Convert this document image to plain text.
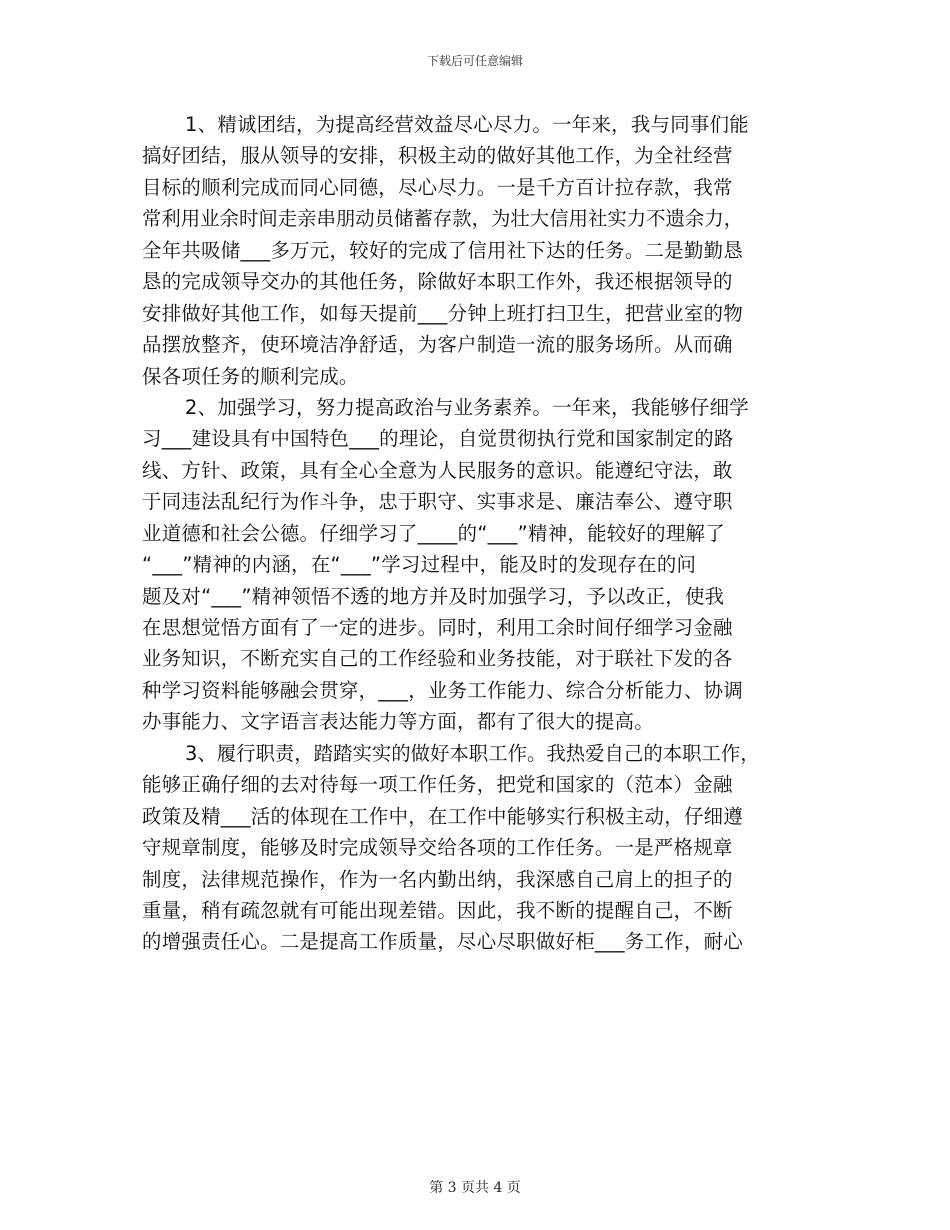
下载后可任意编辑
1、精诚团结，为提高经营效益尽心尽力。一年来，我与同事们能
搞好团结，服从领导的安排，积极主动的做好其他工作，为全社经营
目标的顺利完成而同心同德，尽心尽力。一是千方百计拉存款，我常
常利用业余时间走亲串朋动员储蓄存款，为壮大信用社实力不遗余力，
全年共吸储___多万元，较好的完成了信用社下达的任务。二是勤勤恳
恳的完成领导交办的其他任务，除做好本职工作外，我还根据领导的
安排做好其他工作，如每天提前___分钟上班打扫卫生，把营业室的物
品摆放整齐，使环境洁净舒适，为客户制造一流的服务场所。从而确
保各项任务的顺利完成。
2、加强学习，努力提高政治与业务素养。一年来，我能够仔细学
习___建设具有中国特色___的理论，自觉贯彻执行党和国家制定的路
线、方针、政策，具有全心全意为人民服务的意识。能遵纪守法，敢
于同违法乱纪行为作斗争，忠于职守、实事求是、廉洁奉公、遵守职
业道德和社会公德。仔细学习了____的“___”精神，能较好的理解了
“___”精神的内涵，在“___”学习过程中，能及时的发现存在的问
题及对“___”精神领悟不透的地方并及时加强学习，予以改正，使我
在思想觉悟方面有了一定的进步。同时，利用工余时间仔细学习金融
业务知识，不断充实自己的工作经验和业务技能，对于联社下发的各
种学习资料能够融会贯穿，___，业务工作能力、综合分析能力、协调
办事能力、文字语言表达能力等方面，都有了很大的提高。
3、履行职责，踏踏实实的做好本职工作。我热爱自己的本职工作，
能够正确仔细的去对待每一项工作任务，把党和国家的（范本）金融
政策及精___活的体现在工作中，在工作中能够实行积极主动，仔细遵
守规章制度，能够及时完成领导交给各项的工作任务。一是严格规章
制度，法律规范操作，作为一名内勤出纳，我深感自己肩上的担子的
重量，稍有疏忽就有可能出现差错。因此，我不断的提醒自己，不断
的增强责任心。二是提高工作质量，尽心尽职做好柜___务工作，耐心
第 3 页共 4 页
